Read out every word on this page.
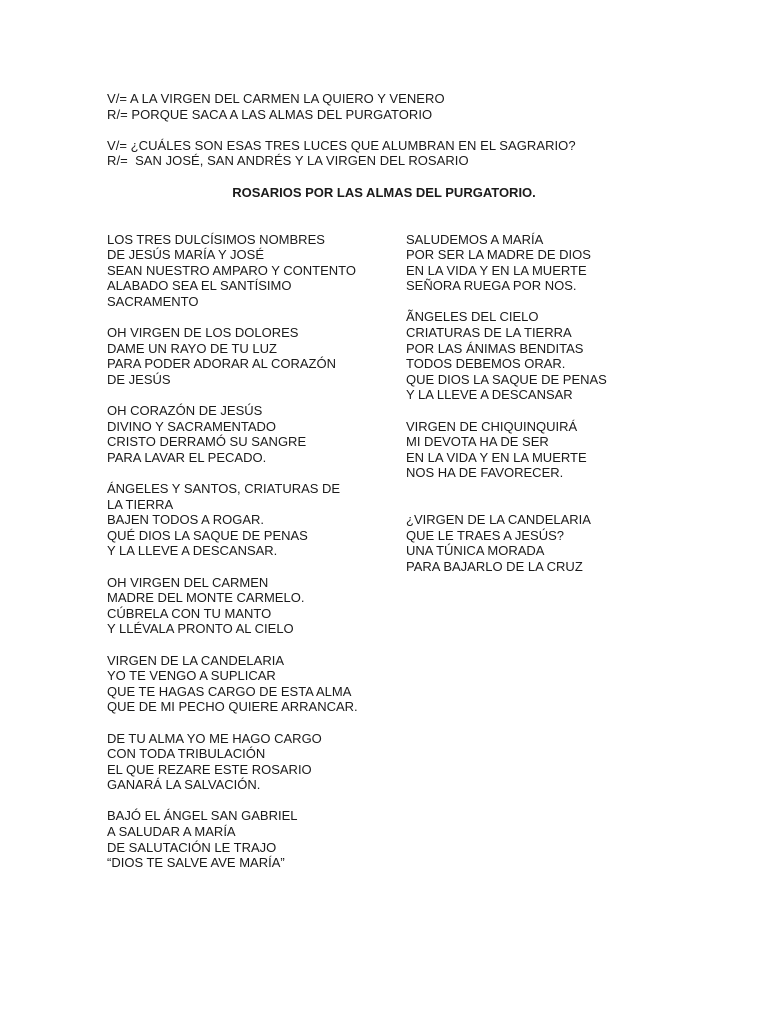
V/= A LA VIRGEN DEL CARMEN LA QUIERO Y VENERO
R/= PORQUE SACA A LAS ALMAS DEL PURGATORIO
V/= ¿CUÁLES SON ESAS TRES LUCES QUE ALUMBRAN EN EL SAGRARIO?
R/=  SAN JOSÉ, SAN ANDRÉS Y LA VIRGEN DEL ROSARIO
ROSARIOS POR LAS ALMAS DEL PURGATORIO.
LOS TRES DULCÍSIMOS NOMBRES
DE JESÚS MARÍA Y JOSÉ
SEAN NUESTRO AMPARO Y CONTENTO
ALABADO SEA EL SANTÍSIMO
SACRAMENTO
OH VIRGEN DE LOS DOLORES
DAME UN RAYO DE TU LUZ
PARA PODER ADORAR AL CORAZÓN
DE JESÚS
OH CORAZÓN DE JESÚS
DIVINO Y SACRAMENTADO
CRISTO DERRAMÓ SU SANGRE
PARA LAVAR EL PECADO.
ÁNGELES Y SANTOS, CRIATURAS DE
LA TIERRA
BAJEN TODOS A ROGAR.
QUÉ DIOS LA SAQUE DE PENAS
Y LA LLEVE A DESCANSAR.
OH VIRGEN DEL CARMEN
MADRE DEL MONTE CARMELO.
CÚBRELA CON TU MANTO
Y LLÉVALA PRONTO AL CIELO
VIRGEN DE LA CANDELARIA
YO TE VENGO A SUPLICAR
QUE TE HAGAS CARGO DE ESTA ALMA
QUE DE MI PECHO QUIERE ARRANCAR.
DE TU ALMA YO ME HAGO CARGO
CON TODA TRIBULACIÓN
EL QUE REZARE ESTE ROSARIO
GANARÁ LA SALVACIÓN.
BAJÓ EL ÁNGEL SAN GABRIEL
A SALUDAR A MARÍA
DE SALUTACIÓN LE TRAJO
“DIOS TE SALVE AVE MARÍA”
SALUDEMOS A MARÍA
POR SER LA MADRE DE DIOS
EN LA VIDA Y EN LA MUERTE
SEÑORA RUEGA POR NOS.
ÃNGELES DEL CIELO
CRIATURAS DE LA TIERRA
POR LAS ÁNIMAS BENDITAS
TODOS DEBEMOS ORAR.
QUE DIOS LA SAQUE DE PENAS
Y LA LLEVE A DESCANSAR
VIRGEN DE CHIQUINQUIRÁ
MI DEVOTA HA DE SER
EN LA VIDA Y EN LA MUERTE
NOS HA DE FAVORECER.
¿VIRGEN DE LA CANDELARIA
QUE LE TRAES A JESÚS?
UNA TÚNICA MORADA
PARA BAJARLO DE LA CRUZ
